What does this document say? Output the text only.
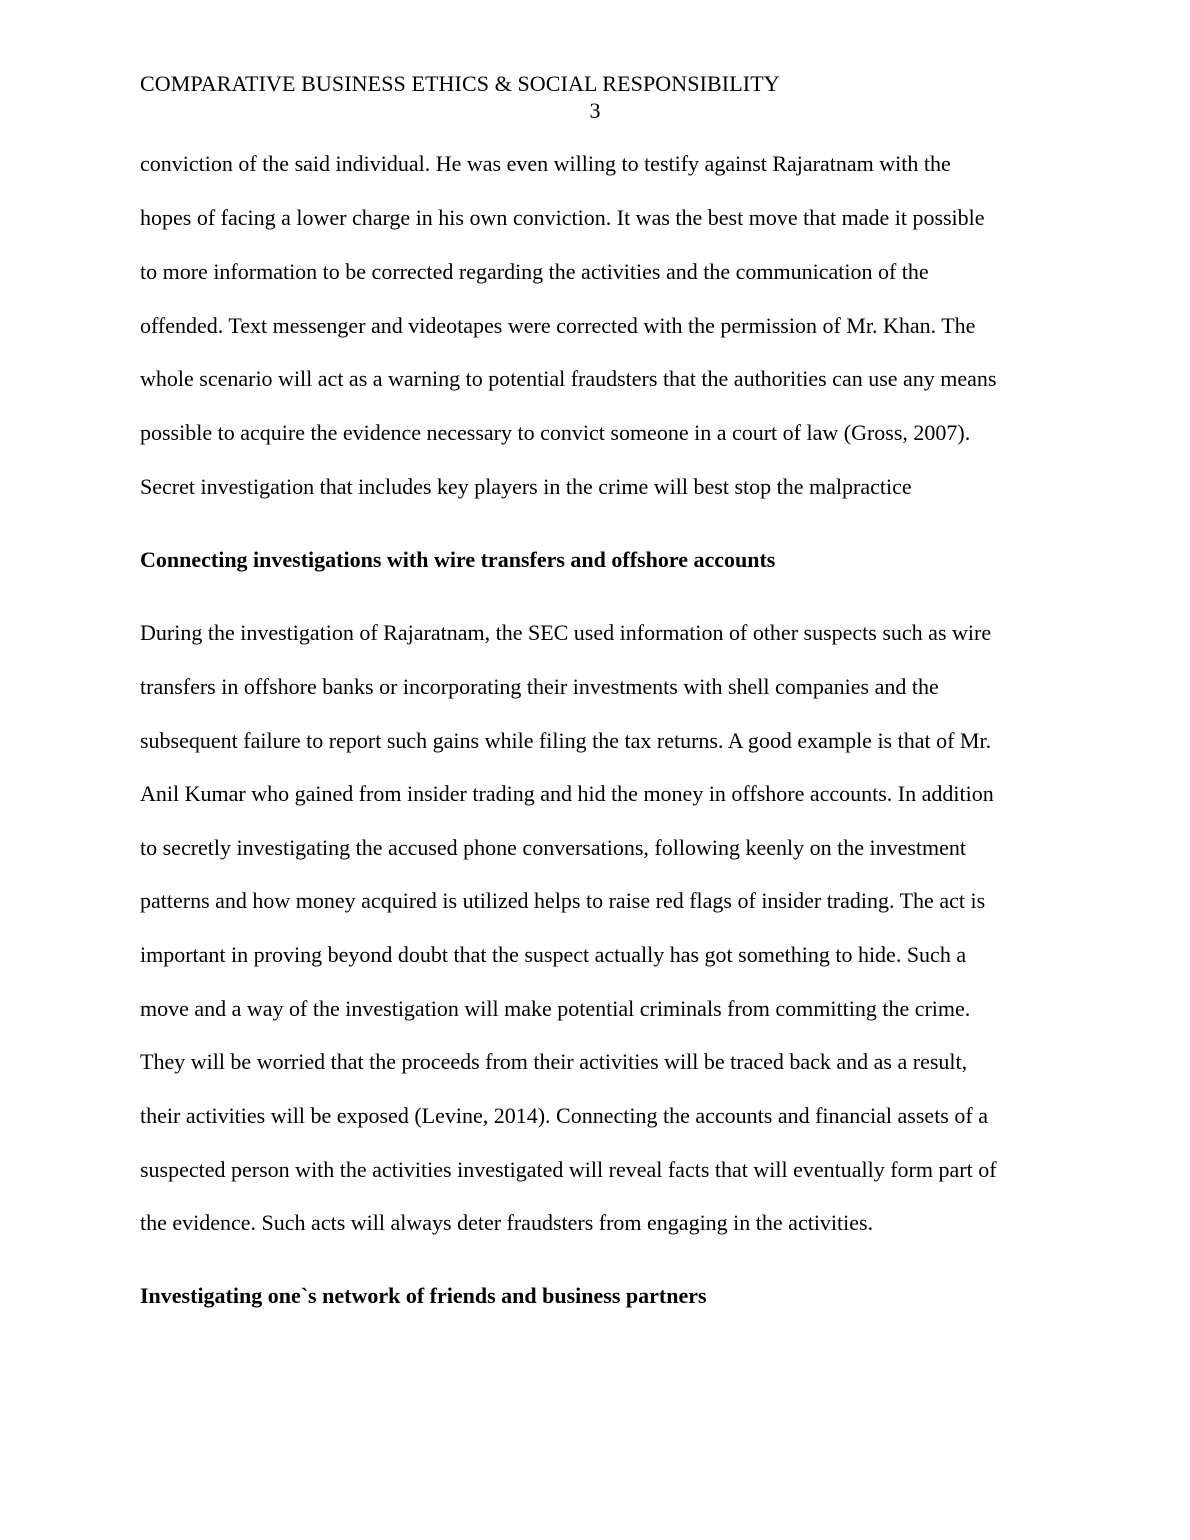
COMPARATIVE BUSINESS ETHICS & SOCIAL RESPONSIBILITY
3
conviction of the said individual. He was even willing to testify against Rajaratnam with the
hopes of facing a lower charge in his own conviction. It was the best move that made it possible
to more information to be corrected regarding the activities and the communication of the
offended. Text messenger and videotapes were corrected with the permission of Mr. Khan. The
whole scenario will act as a warning to potential fraudsters that the authorities can use any means
possible to acquire the evidence necessary to convict someone in a court of law (Gross, 2007).
Secret investigation that includes key players in the crime will best stop the malpractice
Connecting investigations with wire transfers and offshore accounts
During the investigation of Rajaratnam, the SEC used information of other suspects such as wire
transfers in offshore banks or incorporating their investments with shell companies and the
subsequent failure to report such gains while filing the tax returns. A good example is that of Mr.
Anil Kumar who gained from insider trading and hid the money in offshore accounts. In addition
to secretly investigating the accused phone conversations, following keenly on the investment
patterns and how money acquired is utilized helps to raise red flags of insider trading. The act is
important in proving beyond doubt that the suspect actually has got something to hide. Such a
move and a way of the investigation will make potential criminals from committing the crime.
They will be worried that the proceeds from their activities will be traced back and as a result,
their activities will be exposed (Levine, 2014). Connecting the accounts and financial assets of a
suspected person with the activities investigated will reveal facts that will eventually form part of
the evidence. Such acts will always deter fraudsters from engaging in the activities.
Investigating one`s network of friends and business partners
